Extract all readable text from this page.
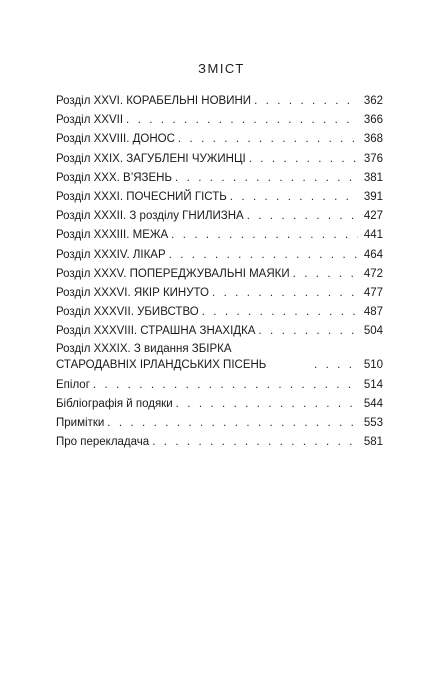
ЗМІСТ
Розділ XXVI. КОРАБЕЛЬНІ НОВИНИ . . .	362
Розділ XXVII . . .	366
Розділ XXVIII. ДОНОС . . .	368
Розділ XXIX. ЗАГУБЛЕНІ ЧУЖИНЦІ . . .	376
Розділ XXX. В’ЯЗЕНЬ . . .	381
Розділ XXXI. ПОЧЕСНИЙ ГІСТЬ . . .	391
Розділ XXXII. З розділу ГНИЛИЗНА . . .	427
Розділ XXXIII. МЕЖА . . .	441
Розділ XXXIV. ЛІКАР . . .	464
Розділ XXXV. ПОПЕРЕДЖУВАЛЬНІ МАЯКИ . . .	472
Розділ XXXVI. ЯКІР КИНУТО . . .	477
Розділ XXXVII. УБИВСТВО . . .	487
Розділ XXXVIII. СТРАШНА ЗНАХІДКА . . .	504
Розділ XXXIX. З видання ЗБІРКА СТАРОДАВНІХ ІРЛАНДСЬКИХ ПІСЕНЬ . . .	510
Епілог . . .	514
Бібліографія й подяки . . .	544
Примітки . . .	553
Про перекладача . . .	581
